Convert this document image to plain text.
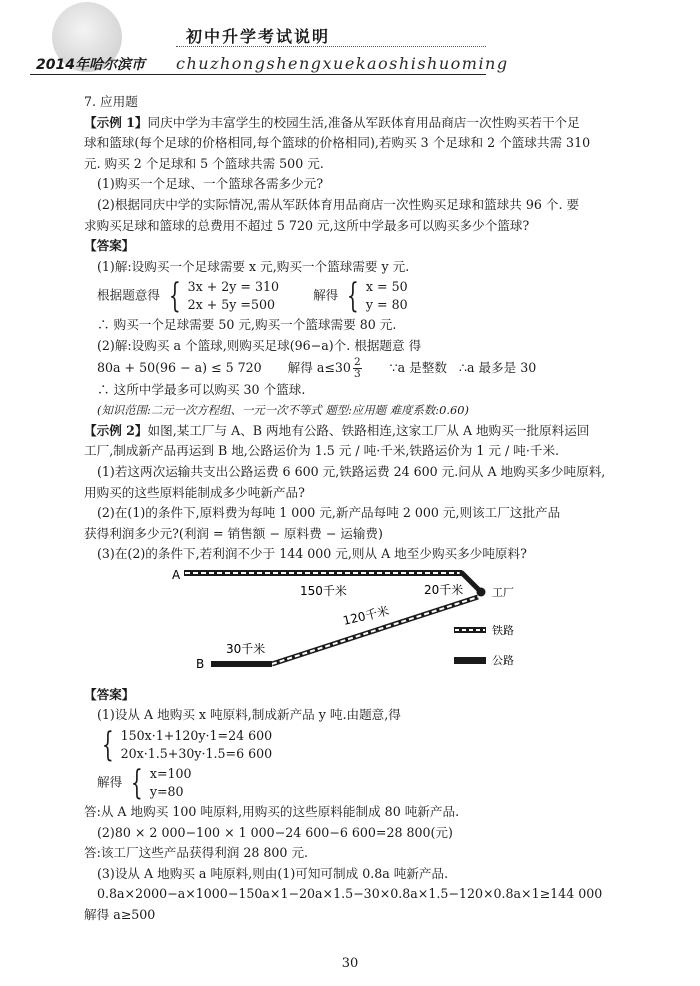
初中升学考试说明
2014年哈尔滨市 chuzhongshengxuekaoshishuoming

7. 应用题

【示例 1】同庆中学为丰富学生的校园生活,准备从军跃体育用品商店一次性购买若干个足

球和篮球(每个足球的价格相同,每个篮球的价格相同),若购买 3 个足球和 2 个篮球共需 310

元. 购买 2 个足球和 5 个篮球共需 500 元.

(1)购买一个足球、一个篮球各需多少元?

(2)根据同庆中学的实际情况,需从军跃体育用品商店一次性购买足球和篮球共 96 个. 要

求购买足球和篮球的总费用不超过 5 720 元,这所中学最多可以购买多少个篮球?

【答案】

(1)解:设购买一个足球需要 x 元,购买一个篮球需要 y 元.

根据题意得 { 3x + 2y = 310
2x + 5y =500
解得 { x = 50
y = 80

∴ 购买一个足球需要 50 元,购买一个篮球需要 80 元.

(2)解:设购买 a 个篮球,则购买足球(96−a)个. 根据题意 得

80a + 50(96 − a) ≤ 5 720 解得 $a\le 30 \frac{2}{3}$ ∵a 是整数 ∴a 最多是 30

∴ 这所中学最多可以购买 30 个篮球.

(知识范围:二元一次方程组、一元一次不等式 题型:应用题 难度系数:0.60)

【示例 2】如图,某工厂与 A、B 两地有公路、铁路相连,这家工厂从 A 地购买一批原料运回

工厂,制成新产品再运到 B 地,公路运价为 1.5 元 / 吨·千米,铁路运价为 1 元 / 吨·千米.

(1)若这两次运输共支出公路运费 6 600 元,铁路运费 24 600 元.问从 A 地购买多少吨原料,

用购买的这些原料能制成多少吨新产品?

(2)在(1)的条件下,原料费为每吨 1 000 元,新产品每吨 2 000 元,则该工厂这批产品

获得利润多少元?(利润 = 销售额 − 原料费 − 运输费)

(3)在(2)的条件下,若利润不少于 144 000 元,则从 A 地至少购买多少吨原料?

A
工厂
150千米	20千米
120千米
B
30千米
铁路
公路

【答案】

(1)设从 A 地购买 x 吨原料,制成新产品 y 吨.由题意,得

{ 150x·1+120y·1=24 600
20x·1.5+30y·1.5=6 600

解得 { x=100
y=80

答:从 A 地购买 100 吨原料,用购买的这些原料能制成 80 吨新产品.

(2)80 × 2 000−100 × 1 000−24 600−6 600=28 800(元)

答:该工厂这些产品获得利润 28 800 元.

(3)设从 A 地购买 a 吨原料,则由(1)可知可制成 0.8a 吨新产品.

0.8a×2000−a×1000−150a×1−20a×1.5−30×0.8a×1.5−120×0.8a×1≥144 000

解得 a≥500

30
